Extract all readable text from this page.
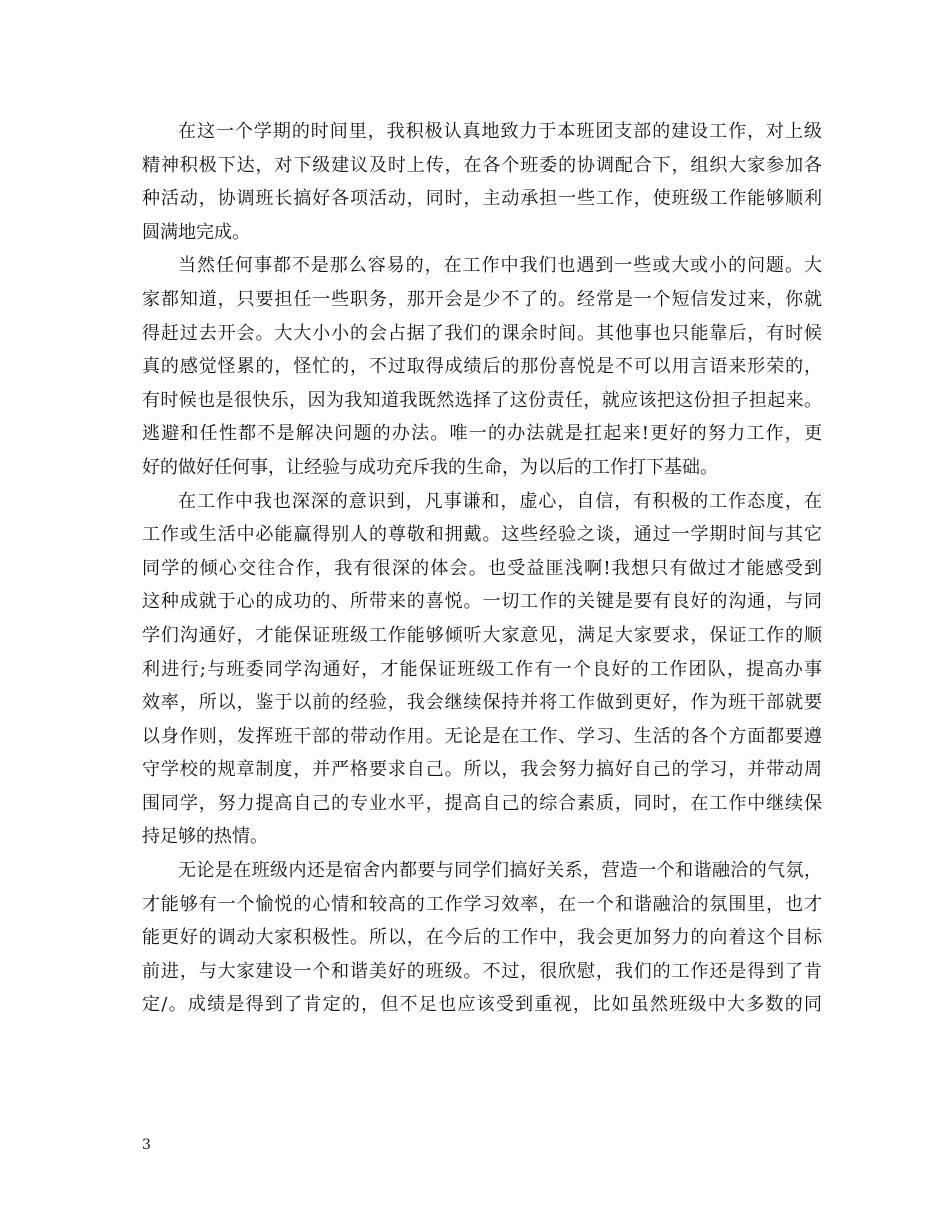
在这一个学期的时间里，我积极认真地致力于本班团支部的建设工作，对上级
精神积极下达，对下级建议及时上传，在各个班委的协调配合下，组织大家参加各
种活动，协调班长搞好各项活动，同时，主动承担一些工作，使班级工作能够顺利
圆满地完成。
当然任何事都不是那么容易的，在工作中我们也遇到一些或大或小的问题。大
家都知道，只要担任一些职务，那开会是少不了的。经常是一个短信发过来，你就
得赶过去开会。大大小小的会占据了我们的课余时间。其他事也只能靠后，有时候
真的感觉怪累的，怪忙的，不过取得成绩后的那份喜悦是不可以用言语来形荣的，
有时候也是很快乐，因为我知道我既然选择了这份责任，就应该把这份担子担起来。
逃避和任性都不是解决问题的办法。唯一的办法就是扛起来!更好的努力工作，更
好的做好任何事，让经验与成功充斥我的生命，为以后的工作打下基础。
在工作中我也深深的意识到，凡事谦和，虚心，自信，有积极的工作态度，在
工作或生活中必能赢得别人的尊敬和拥戴。这些经验之谈，通过一学期时间与其它
同学的倾心交往合作，我有很深的体会。也受益匪浅啊!我想只有做过才能感受到
这种成就于心的成功的、所带来的喜悦。一切工作的关键是要有良好的沟通，与同
学们沟通好，才能保证班级工作能够倾听大家意见，满足大家要求，保证工作的顺
利进行;与班委同学沟通好，才能保证班级工作有一个良好的工作团队，提高办事
效率，所以，鉴于以前的经验，我会继续保持并将工作做到更好，作为班干部就要
以身作则，发挥班干部的带动作用。无论是在工作、学习、生活的各个方面都要遵
守学校的规章制度，并严格要求自己。所以，我会努力搞好自己的学习，并带动周
围同学，努力提高自己的专业水平，提高自己的综合素质，同时，在工作中继续保
持足够的热情。
无论是在班级内还是宿舍内都要与同学们搞好关系，营造一个和谐融洽的气氛，
才能够有一个愉悦的心情和较高的工作学习效率，在一个和谐融洽的氛围里，也才
能更好的调动大家积极性。所以，在今后的工作中，我会更加努力的向着这个目标
前进，与大家建设一个和谐美好的班级。不过，很欣慰，我们的工作还是得到了肯
定/。成绩是得到了肯定的，但不足也应该受到重视，比如虽然班级中大多数的同
3
